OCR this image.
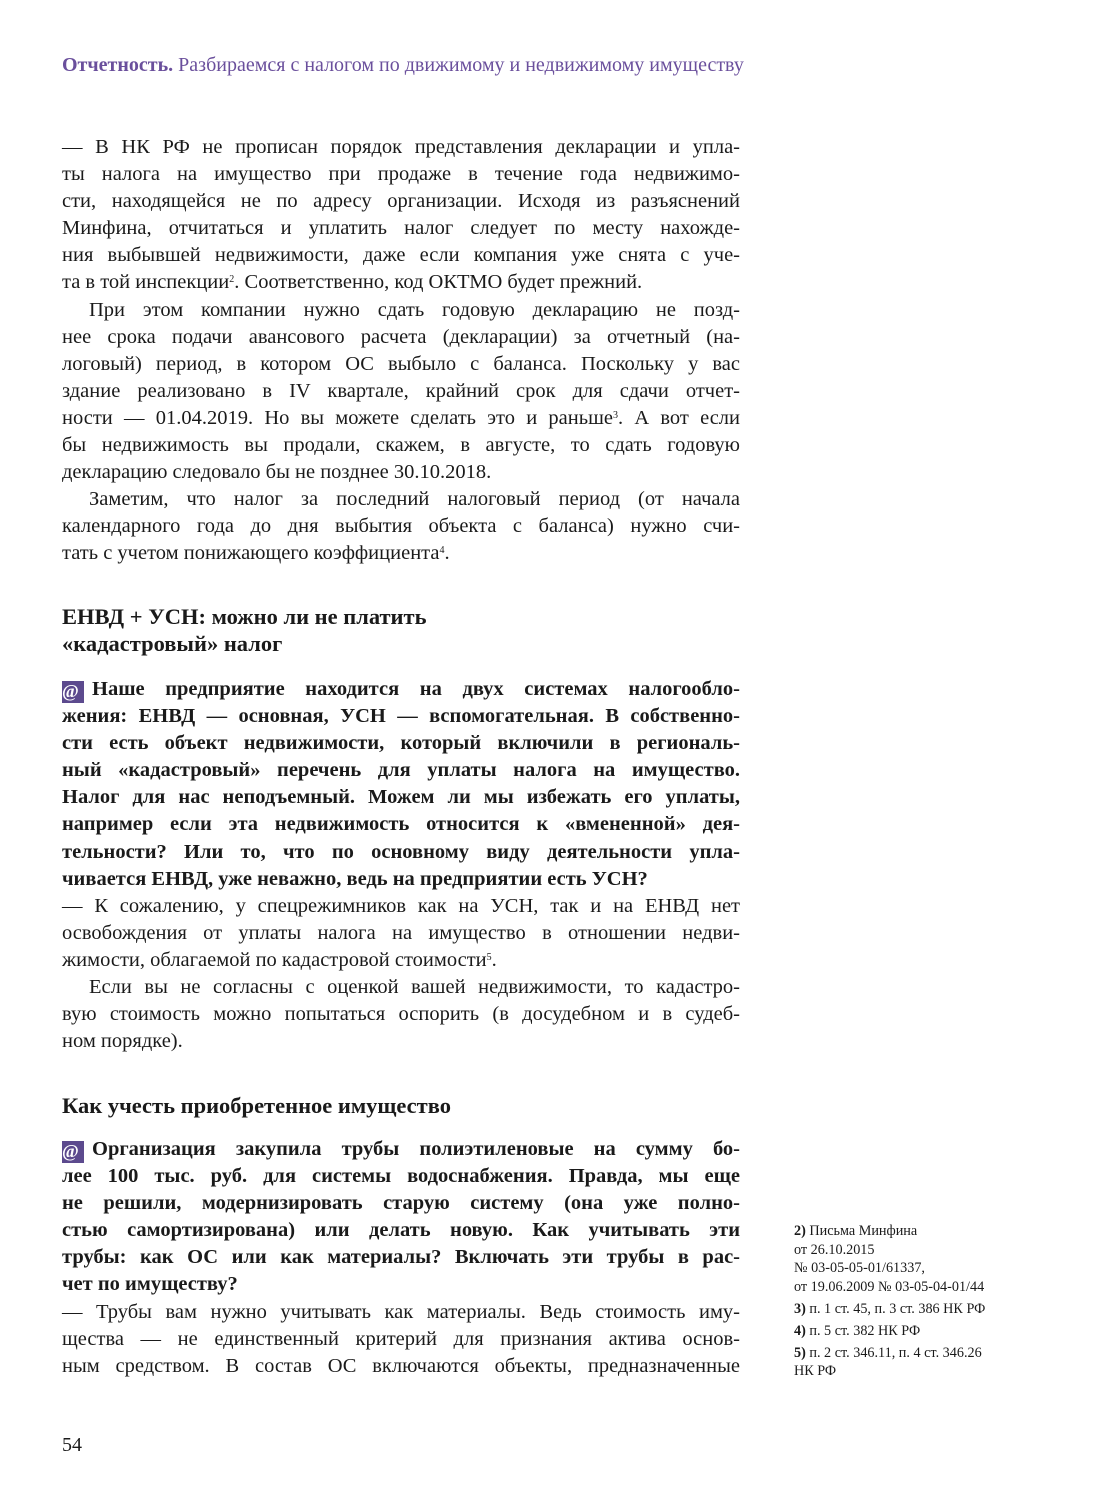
Отчетность. Разбираемся с налогом по движимому и недвижимому имуществу
— В НК РФ не прописан порядок представления декларации и упла-
ты налога на имущество при продаже в течение года недвижимо-
сти, находящейся не по адресу организации. Исходя из разъяснений
Минфина, отчитаться и уплатить налог следует по месту нахожде-
ния выбывшей недвижимости, даже если компания уже снята с уче-
та в той инспекции$^2$. Соответственно, код ОКТМО будет прежний.
При этом компании нужно сдать годовую декларацию не позд-
нее срока подачи авансового расчета (декларации) за отчетный (на-
логовый) период, в котором ОС выбыло с баланса. Поскольку у вас
здание реализовано в IV квартале, крайний срок для сдачи отчет-
ности — 01.04.2019. Но вы можете сделать это и раньше$^3$. А вот если
бы недвижимость вы продали, скажем, в августе, то сдать годовую
декларацию следовало бы не позднее 30.10.2018.
Заметим, что налог за последний налоговый период (от начала
календарного года до дня выбытия объекта с баланса) нужно счи-
тать с учетом понижающего коэффициента$^4$.
ЕНВД + УСН: можно ли не платить
«кадастровый» налог
@ Наше предприятие находится на двух системах налогообло-
жения: ЕНВД — основная, УСН — вспомогательная. В собственно-
сти есть объект недвижимости, который включили в региональ-
ный «кадастровый» перечень для уплаты налога на имущество.
Налог для нас неподъемный. Можем ли мы избежать его уплаты,
например если эта недвижимость относится к «вмененной» дея-
тельности? Или то, что по основному виду деятельности упла-
чивается ЕНВД, уже неважно, ведь на предприятии есть УСН?
— К сожалению, у спецрежимников как на УСН, так и на ЕНВД нет
освобождения от уплаты налога на имущество в отношении недви-
жимости, облагаемой по кадастровой стоимости$^5$.
Если вы не согласны с оценкой вашей недвижимости, то кадастро-
вую стоимость можно попытаться оспорить (в досудебном и в судеб-
ном порядке).
Как учесть приобретенное имущество
@ Организация закупила трубы полиэтиленовые на сумму бо-
лее 100 тыс. руб. для системы водоснабжения. Правда, мы еще
не решили, модернизировать старую систему (она уже полно-
стью самортизирована) или делать новую. Как учитывать эти
трубы: как ОС или как материалы? Включать эти трубы в рас-
чет по имуществу?
— Трубы вам нужно учитывать как материалы. Ведь стоимость иму-
щества — не единственный критерий для признания актива основ-
ным средством. В состав ОС включаются объекты, предназначенные
2) Письма Минфина
от 26.10.2015
№ 03-05-05-01/61337,
от 19.06.2009 № 03-05-04-01/44
3) п. 1 ст. 45, п. 3 ст. 386 НК РФ
4) п. 5 ст. 382 НК РФ
5) п. 2 ст. 346.11, п. 4 ст. 346.26
НК РФ
54
